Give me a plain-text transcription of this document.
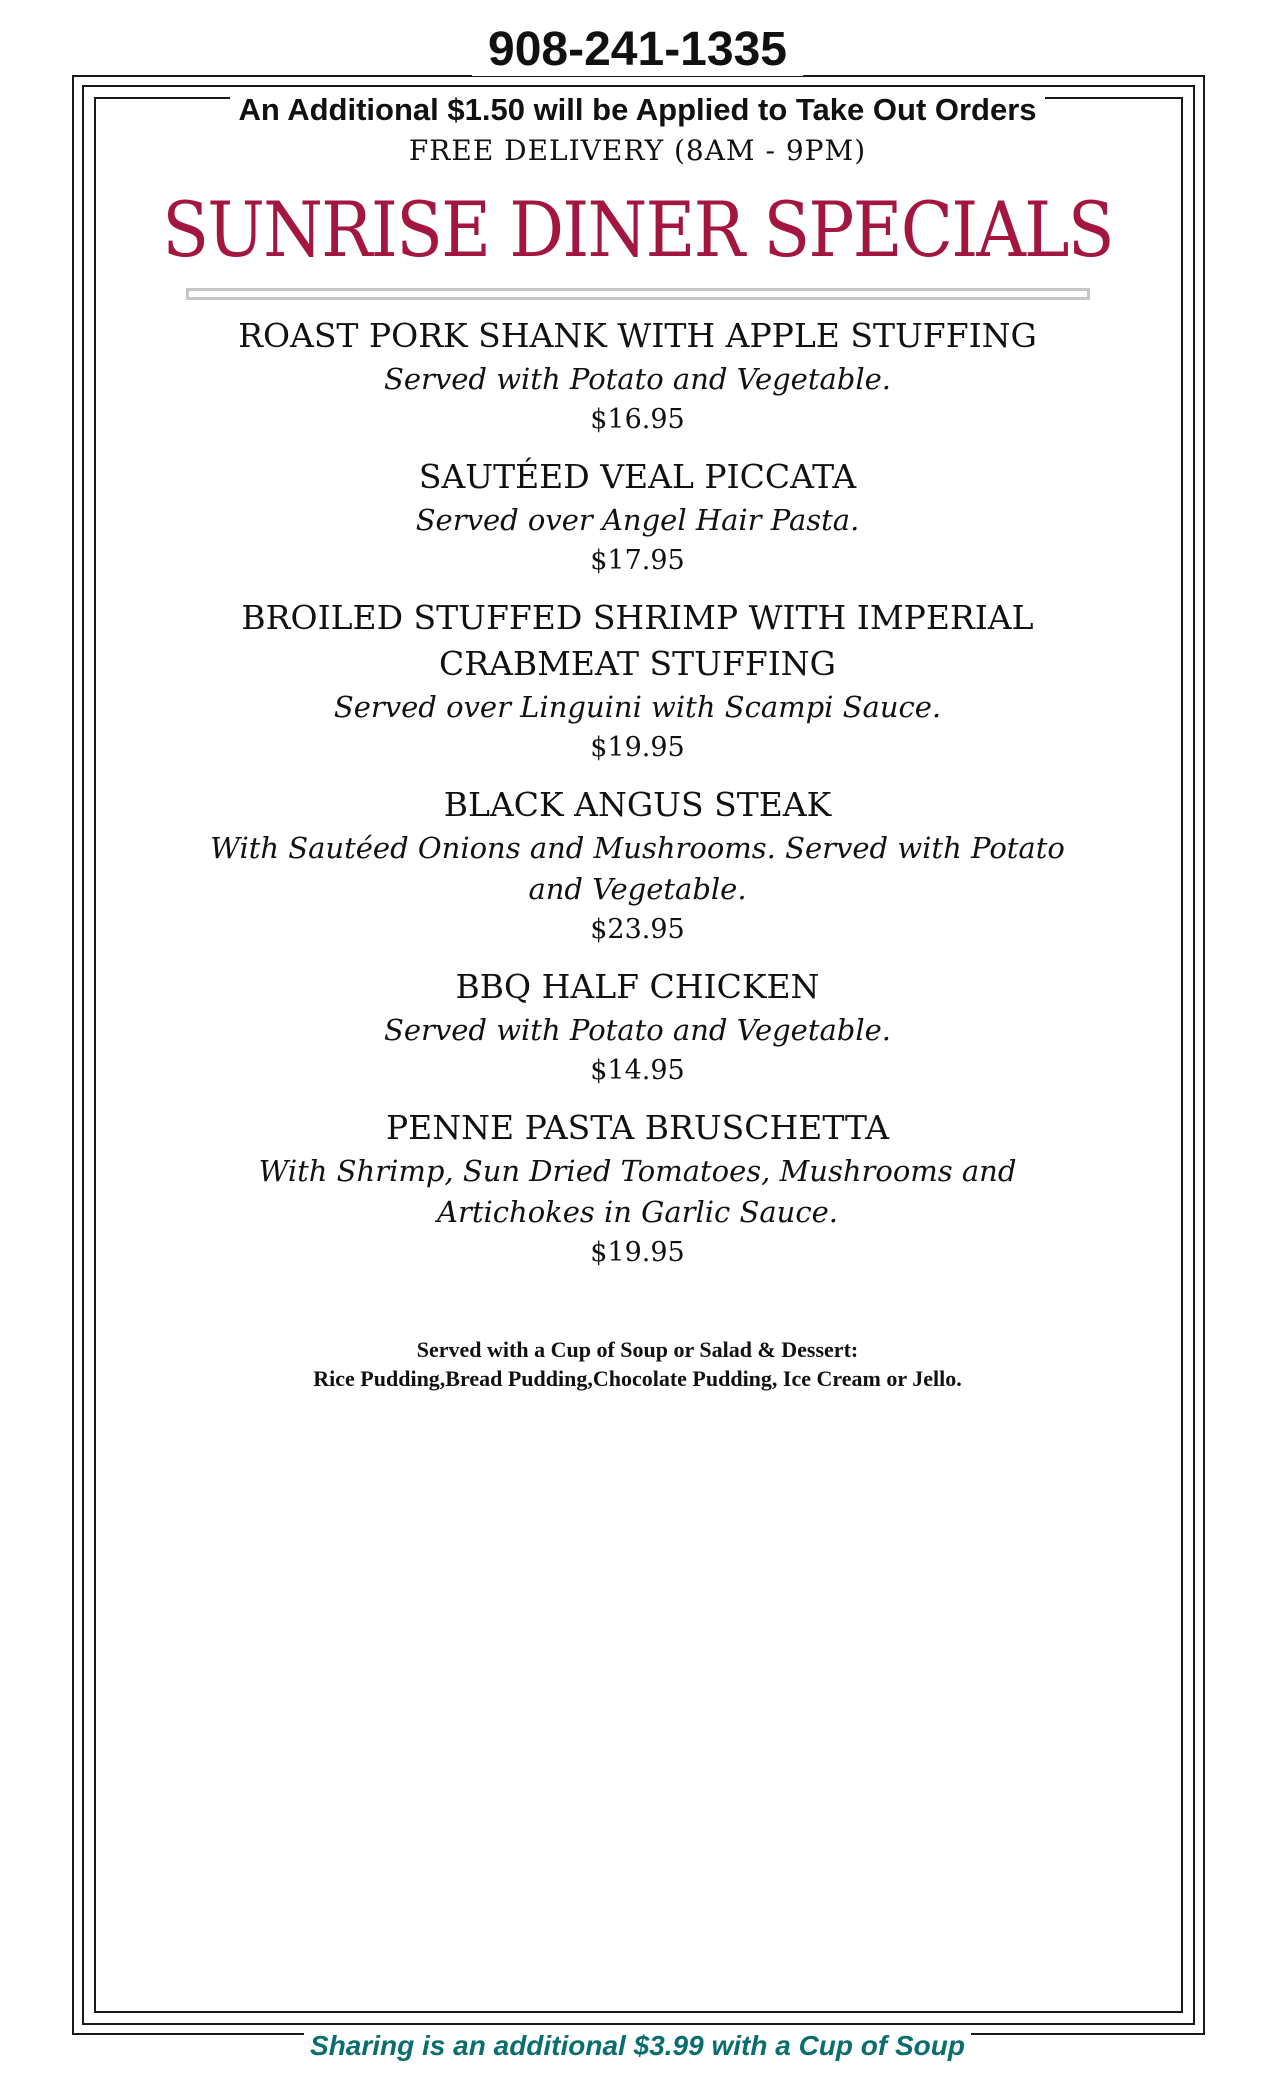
908-241-1335
An Additional $1.50 will be Applied to Take Out Orders
FREE DELIVERY (8AM - 9PM)
SUNRISE DINER SPECIALS
ROAST PORK SHANK WITH APPLE STUFFING
Served with Potato and Vegetable.
$16.95
SAUTÉED VEAL PICCATA
Served over Angel Hair Pasta.
$17.95
BROILED STUFFED SHRIMP WITH IMPERIAL CRABMEAT STUFFING
Served over Linguini with Scampi Sauce.
$19.95
BLACK ANGUS STEAK
With Sautéed Onions and Mushrooms. Served with Potato and Vegetable.
$23.95
BBQ HALF CHICKEN
Served with Potato and Vegetable.
$14.95
PENNE PASTA BRUSCHETTA
With Shrimp, Sun Dried Tomatoes, Mushrooms and Artichokes in Garlic Sauce.
$19.95
Served with a Cup of Soup or Salad & Dessert:
Rice Pudding,Bread Pudding,Chocolate Pudding, Ice Cream or Jello.
Sharing is an additional $3.99 with a Cup of Soup
